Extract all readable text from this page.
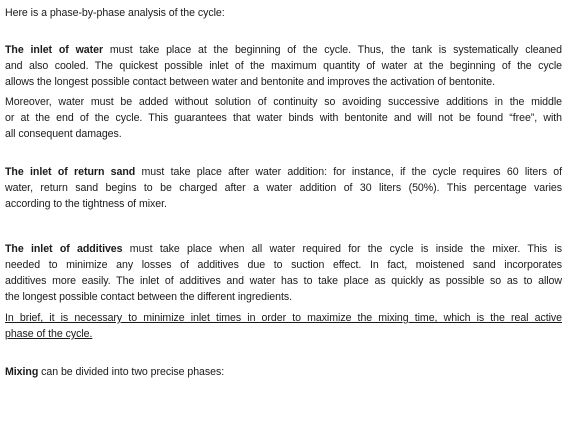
Here is a phase-by-phase analysis of the cycle:

The inlet of water must take place at the beginning of the cycle. Thus, the tank is systematically cleaned

and also cooled. The quickest possible inlet of the maximum quantity of water at the beginning of the cycle

allows the longest possible contact between water and bentonite and improves the activation of bentonite.

Moreover, water must be added without solution of continuity so avoiding successive additions in the middle

or at the end of the cycle. This guarantees that water binds with bentonite and will not be found “free”, with

all consequent damages.

The inlet of return sand must take place after water addition: for instance, if the cycle requires 60 liters of

water, return sand begins to be charged after a water addition of 30 liters (50%). This percentage varies

according to the tightness of mixer.

The inlet of additives must take place when all water required for the cycle is inside the mixer. This is

needed to minimize any losses of additives due to suction effect. In fact, moistened sand incorporates

additives more easily. The inlet of additives and water has to take place as quickly as possible so as to allow

the longest possible contact between the different ingredients.

In brief, it is necessary to minimize inlet times in order to maximize the mixing time, which is the real active

phase of the cycle.

Mixing can be divided into two precise phases:
